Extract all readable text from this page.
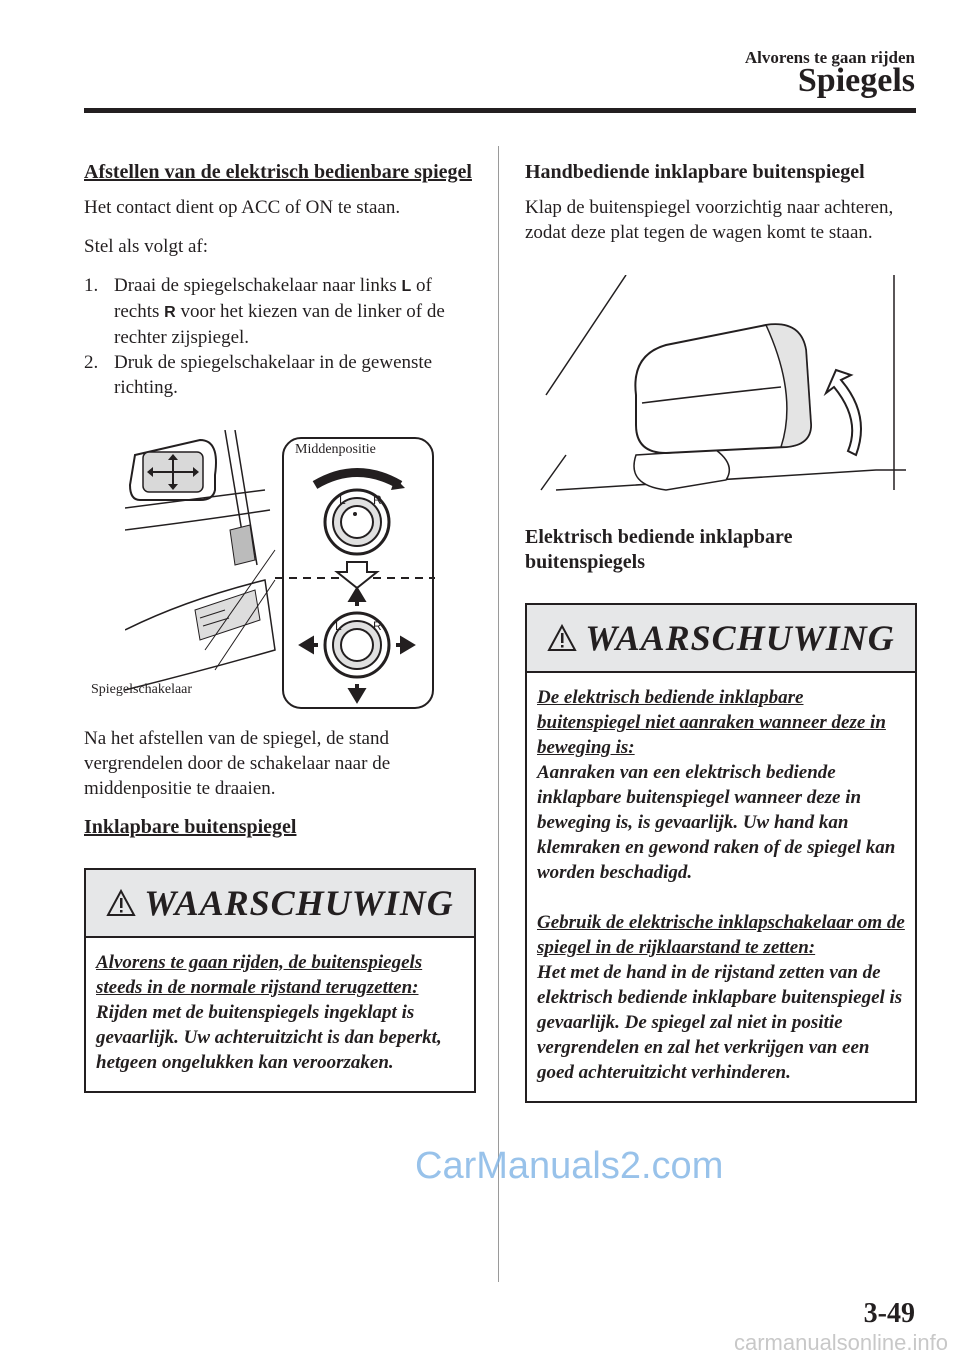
Alvorens te gaan rijden
Spiegels
Afstellen van de elektrisch bedienbare spiegel

Het contact dient op ACC of ON te staan.

Stel als volgt af:

1. Draai de spiegelschakelaar naar links L of rechts R voor het kiezen van de linker of de rechter zijspiegel.
2. Druk de spiegelschakelaar in de gewenste richting.
L R
L	R
Middenpositie
Spiegelschakelaar

Na het afstellen van de spiegel, de stand vergrendelen door de schakelaar naar de middenpositie te draaien.

Inklapbare buitenspiegel
WAARSCHUWING
Alvorens te gaan rijden, de buitenspiegels steeds in de normale rijstand terugzetten:
Rijden met de buitenspiegels ingeklapt is gevaarlijk. Uw achteruitzicht is dan beperkt, hetgeen ongelukken kan veroorzaken.
Handbediende inklapbare buitenspiegel

Klap de buitenspiegel voorzichtig naar achteren, zodat deze plat tegen de wagen komt te staan.

Elektrisch bediende inklapbare buitenspiegels
WAARSCHUWING
De elektrisch bediende inklapbare buitenspiegel niet aanraken wanneer deze in beweging is:
Aanraken van een elektrisch bediende inklapbare buitenspiegel wanneer deze in beweging is, is gevaarlijk. Uw hand kan klemraken en gewond raken of de spiegel kan worden beschadigd.
Gebruik de elektrische inklapschakelaar om de spiegel in de rijklaarstand te zetten:
Het met de hand in de rijstand zetten van de elektrisch bediende inklapbare buitenspiegel is gevaarlijk. De spiegel zal niet in positie vergrendelen en zal het verkrijgen van een goed achteruitzicht verhinderen.
3-49
CarManuals2.com
carmanualsonline.info
